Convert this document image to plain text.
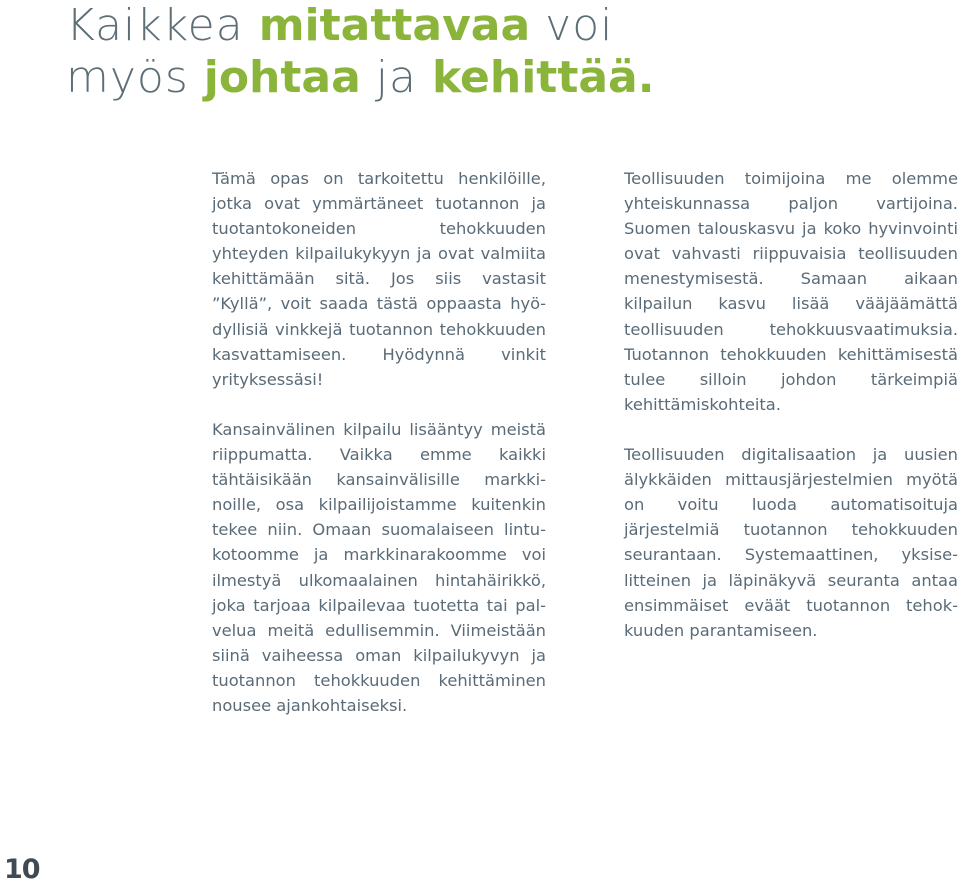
Kaikkea mitattavaa voi
myös johtaa ja kehittää.

Tämä opas on tarkoitettu henkilöille, jotka ovat ymmärtäneet tuotannon ja tuotantokoneiden tehokkuuden yhteyden kilpailukykyyn ja ovat valmiita kehittämään sitä. Jos siis vastasit ”Kyllä”, voit saada tästä oppaasta hyödyllisiä vinkkejä tuotannon tehokkuuden kasvattamiseen. Hyödynnä vinkit yrityksessäsi!

Kansainvälinen kilpailu lisääntyy meistä riippumatta. Vaikka emme kaikki tähtäisikään kansainvälisille markkinoille, osa kilpailijoistamme kuitenkin tekee niin. Omaan suomalaiseen lintukotoomme ja markkinarakoomme voi ilmestyä ulkomaalainen hintahäirikkö, joka tarjoaa kilpailevaa tuotetta tai palvelua meitä edullisemmin. Viimeistään siinä vaiheessa oman kilpailukyvyn ja tuotannon tehokkuuden kehittäminen nousee ajankohtaiseksi.

Teollisuuden toimijoina me olemme yhteiskunnassa paljon vartijoina. Suomen talouskasvu ja koko hyvinvointi ovat vahvasti riippuvaisia teollisuuden menestymisestä. Samaan aikaan kilpailun kasvu lisää vääjäämättä teollisuuden tehokkuusvaatimuksia. Tuotannon tehokkuuden kehittämisestä tulee silloin johdon tärkeimpiä kehittämiskohteita.

Teollisuuden digitalisaation ja uusien älykkäiden mittausjärjestelmien myötä on voitu luoda automatisoituja järjestelmiä tuotannon tehokkuuden seurantaan. Systemaattinen, yksiselitteinen ja läpinäkyvä seuranta antaa ensimmäiset eväät tuotannon tehokkuuden parantamiseen.

10
